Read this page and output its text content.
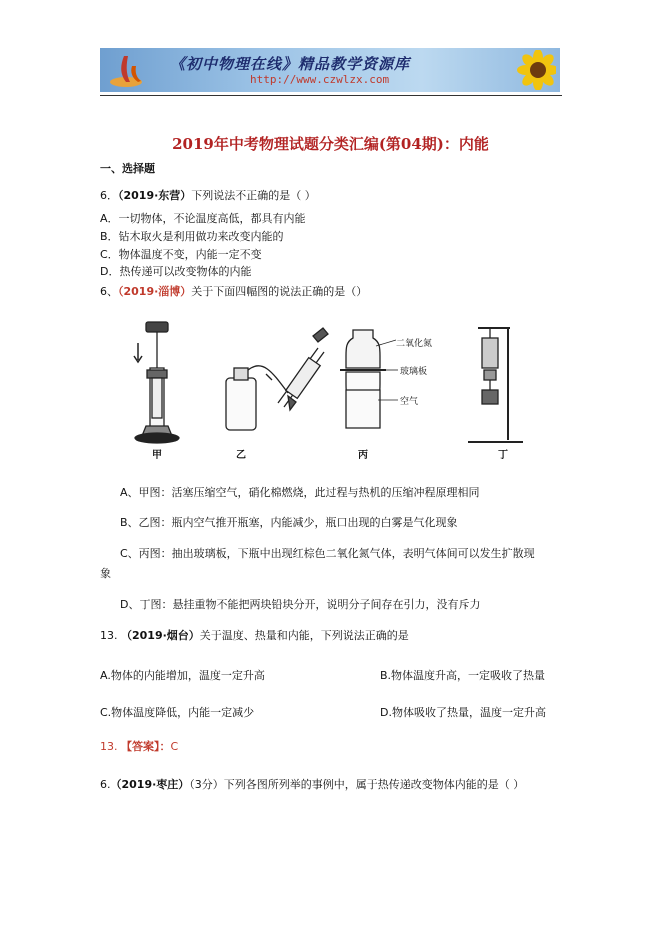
《初中物理在线》精品教学资源库
http://www.czwlzx.com
2019年中考物理试题分类汇编(第04期)：内能
一、选择题
6．（2019·东营）下列说法不正确的是（ ）
A．一切物体，不论温度高低，都具有内能
B．钻木取火是利用做功来改变内能的
C．物体温度不变，内能一定不变
D．热传递可以改变物体的内能
6、（2019·淄博）关于下面四幅图的说法正确的是（）
二氧化氮
玻璃板
空气
甲	乙	丙	丁
A、甲图：活塞压缩空气，硝化棉燃烧，此过程与热机的压缩冲程原理相同
B、乙图：瓶内空气推开瓶塞，内能减少，瓶口出现的白雾是气化现象
C、丙图：抽出玻璃板，下瓶中出现红棕色二氧化氮气体，表明气体间可以发生扩散现
象
D、丁图：悬挂重物不能把两块铅块分开，说明分子间存在引力，没有斥力
13. （2019·烟台）关于温度、热量和内能，下列说法正确的是
A.物体的内能增加，温度一定升高	B.物体温度升高，一定吸收了热量
C.物体温度降低，内能一定减少	D.物体吸收了热量，温度一定升高
13. 【答案】：C
6.（2019·枣庄）（3分）下列各图所列举的事例中，属于热传递改变物体内能的是（ ）
